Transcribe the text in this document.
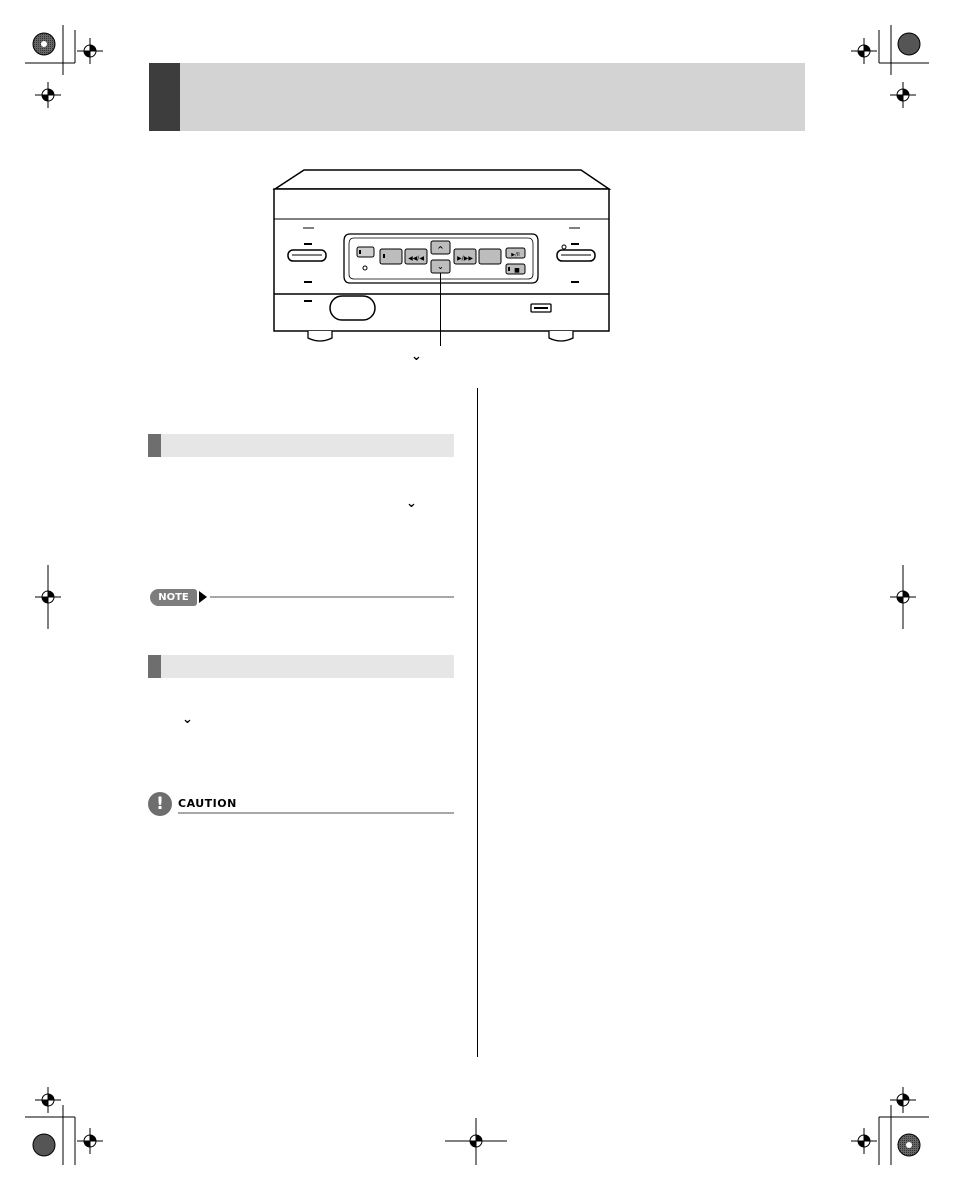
◀◀/◀
^
⌄
▶/▶▶	▶/II
■
⌄
⌄
NOTE
⌄
!	CAUTION
